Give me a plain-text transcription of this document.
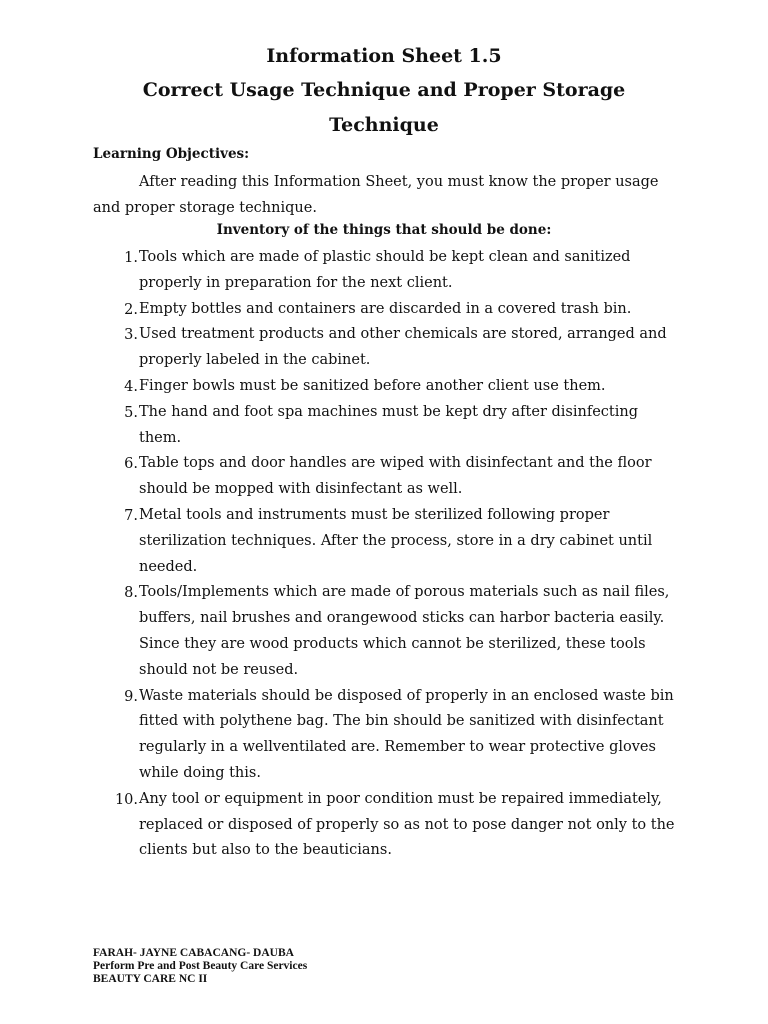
Information Sheet 1.5
Correct Usage Technique and Proper Storage
Technique
Learning Objectives:

After reading this Information Sheet, you must know the proper usage and proper storage technique.

Inventory of the things that should be done:
1. Tools which are made of plastic should be kept clean and sanitized properly in preparation for the next client.
2. Empty bottles and containers are discarded in a covered trash bin.
3. Used treatment products and other chemicals are stored, arranged and properly labeled in the cabinet.
4. Finger bowls must be sanitized before another client use them.
5. The hand and foot spa machines must be kept dry after disinfecting them.
6. Table tops and door handles are wiped with disinfectant and the floor should be mopped with disinfectant as well.
7. Metal tools and instruments must be sterilized following proper sterilization techniques. After the process, store in a dry cabinet until needed.
8. Tools/Implements which are made of porous materials such as nail files, buffers, nail brushes and orangewood sticks can harbor bacteria easily. Since they are wood products which cannot be sterilized, these tools should not be reused.
9. Waste materials should be disposed of properly in an enclosed waste bin fitted with polythene bag. The bin should be sanitized with disinfectant regularly in a wellventilated are. Remember to wear protective gloves while doing this.
10. Any tool or equipment in poor condition must be repaired immediately, replaced or disposed of properly so as not to pose danger not only to the clients but also to the beauticians.
FARAH- JAYNE CABACANG- DAUBA
Perform Pre and Post Beauty Care Services
BEAUTY CARE NC II
